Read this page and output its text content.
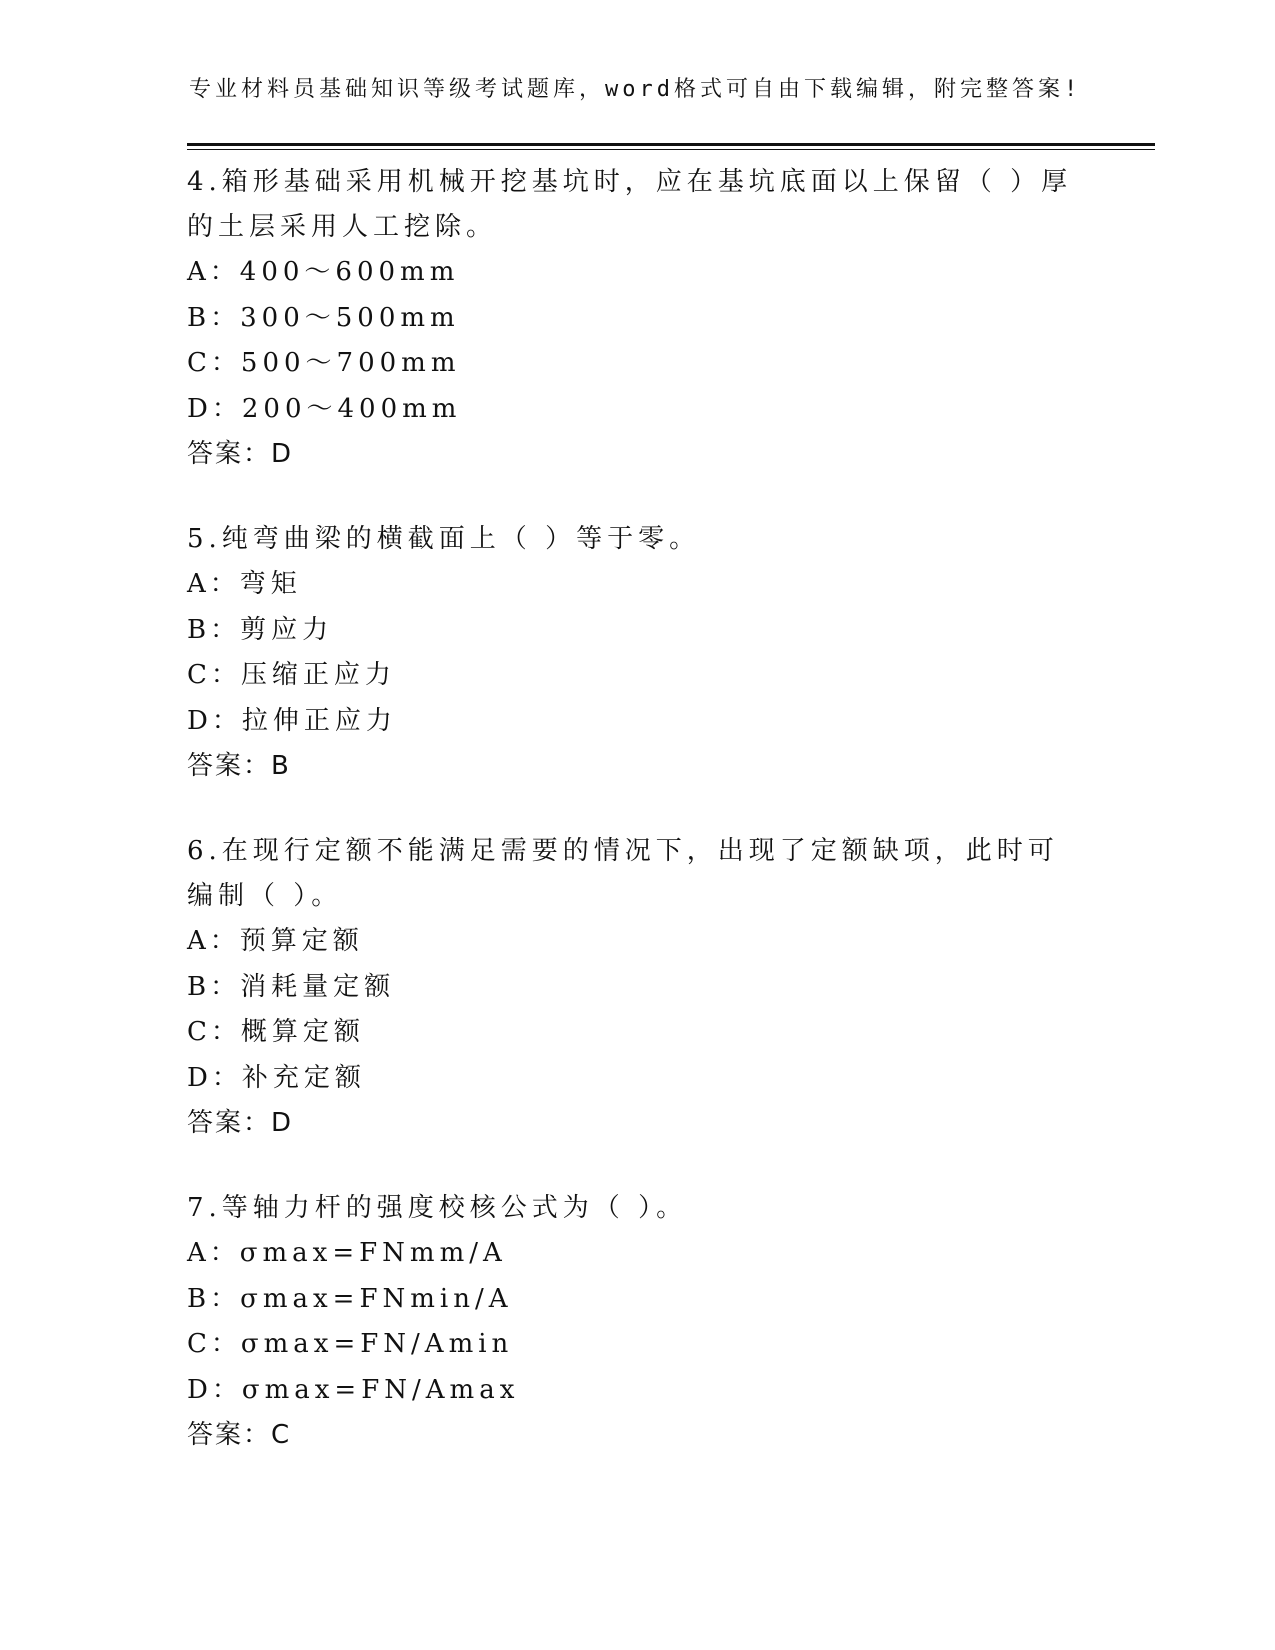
专业材料员基础知识等级考试题库，word格式可自由下载编辑，附完整答案!

4.箱形基础采用机械开挖基坑时，应在基坑底面以上保留（ ）厚的土层采用人工挖除。

A：400～600mm
B：300～500mm
C：500～700mm
D：200～400mm
答案：D

5.纯弯曲梁的横截面上（ ）等于零。

A：弯矩
B：剪应力
C：压缩正应力
D：拉伸正应力
答案：B

6.在现行定额不能满足需要的情况下，出现了定额缺项，此时可编制（ ）。

A：预算定额
B：消耗量定额
C：概算定额
D：补充定额
答案：D

7.等轴力杆的强度校核公式为（ ）。

A：σmax=FNmm/A
B：σmax=FNmin/A
C：σmax=FN/Amin
D：σmax=FN/Amax
答案：C
